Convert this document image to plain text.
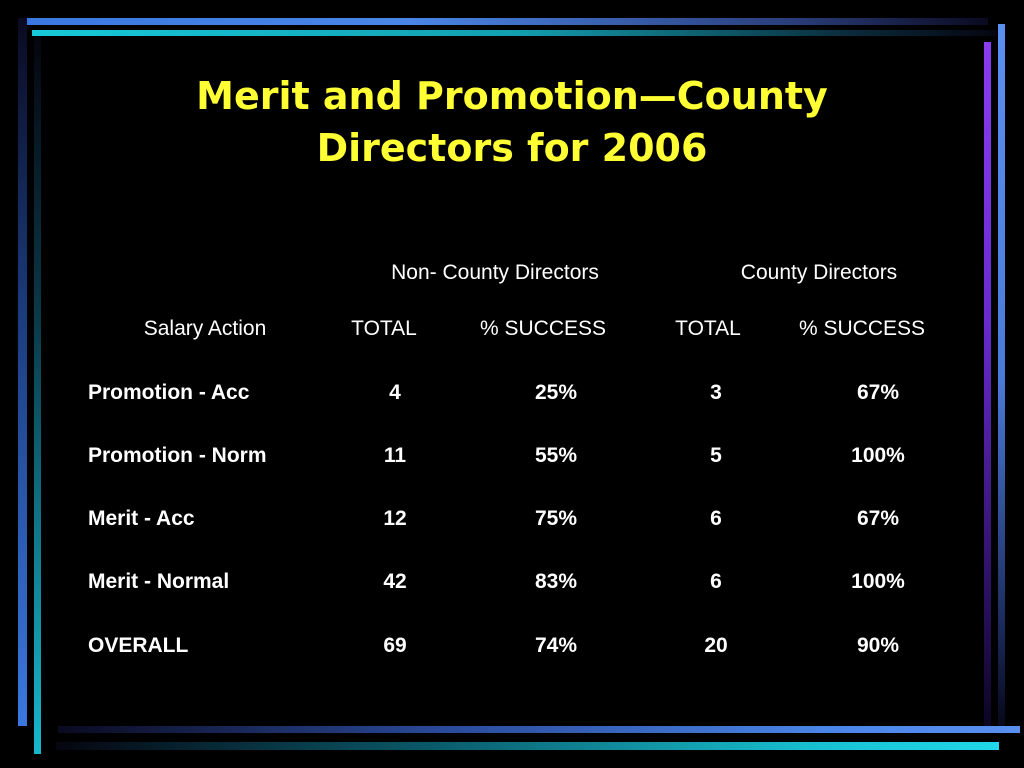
Merit and Promotion—County
Directors for 2006
Non- County Directors	County Directors
Salary Action	TOTAL	% SUCCESS	TOTAL	% SUCCESS
Promotion - Acc	4	25%	3	67%
Promotion - Norm	11	55%	5	100%
Merit - Acc	12	75%	6	67%
Merit - Normal	42	83%	6	100%
OVERALL	69	74%	20	90%
